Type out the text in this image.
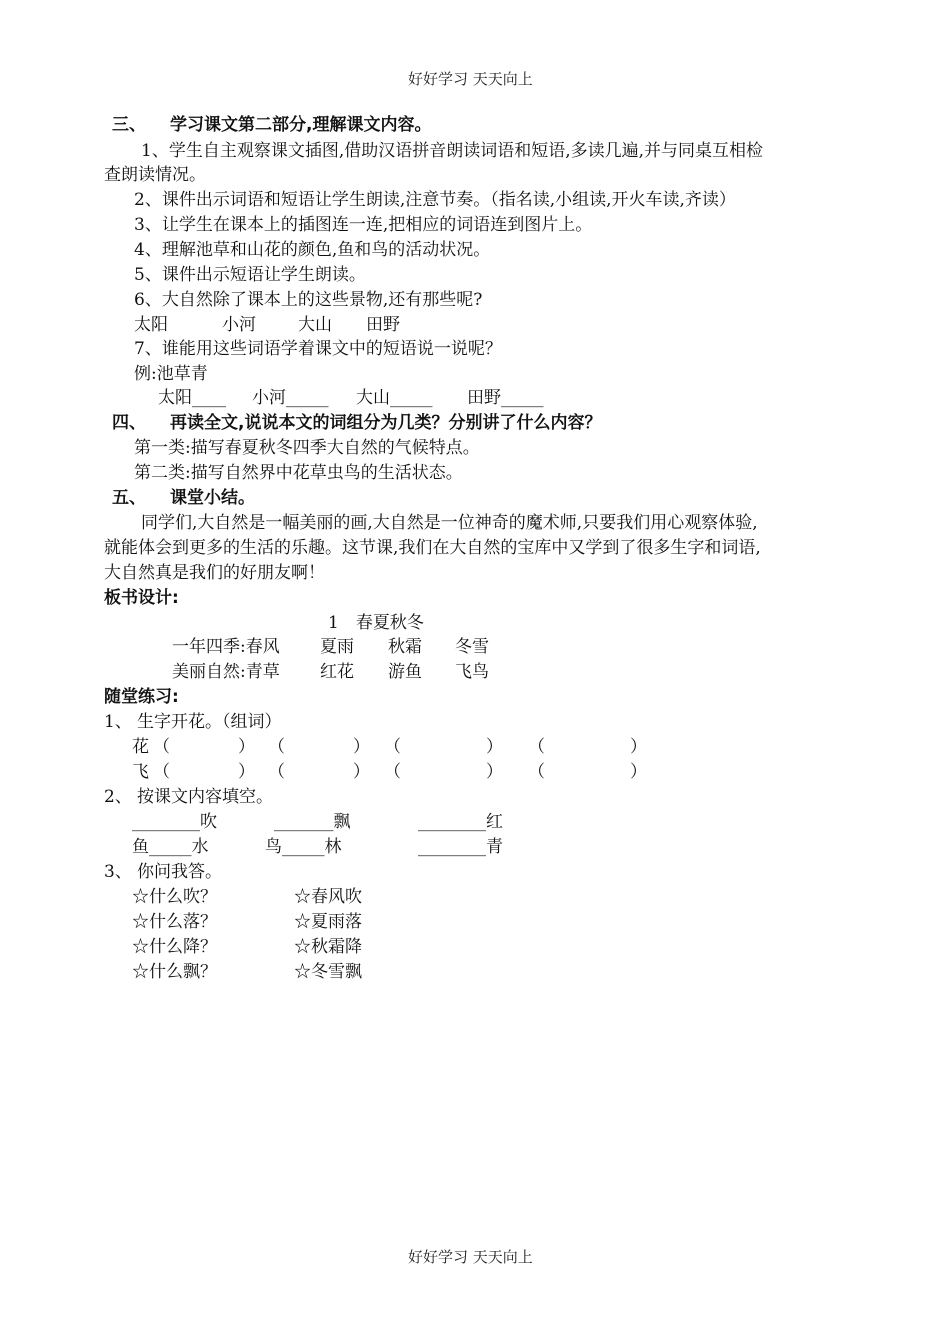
好好学习 天天向上
三、 学习课文第二部分,理解课文内容。
1、学生自主观察课文插图,借助汉语拼音朗读词语和短语,多读几遍,并与同桌互相检
查朗读情况。
2、课件出示词语和短语让学生朗读,注意节奏。（指名读,小组读,开火车读,齐读）
3、让学生在课本上的插图连一连,把相应的词语连到图片上。
4、理解池草和山花的颜色,鱼和鸟的活动状况。
5、课件出示短语让学生朗读。
6、大自然除了课本上的这些景物,还有那些呢?
太阳	小河 大山 田野
7、谁能用这些词语学着课文中的短语说一说呢？
例:池草青
太阳____ 小河_____ 大山_____ 田野_____
四、 再读全文,说说本文的词组分为几类？分别讲了什么内容？
第一类:描写春夏秋冬四季大自然的气候特点。
第二类:描写自然界中花草虫鸟的生活状态。
五、 课堂小结。
同学们,大自然是一幅美丽的画,大自然是一位神奇的魔术师,只要我们用心观察体验,
就能体会到更多的生活的乐趣。这节课,我们在大自然的宝库中又学到了很多生字和词语,
大自然真是我们的好朋友啊！
板书设计:
1　春夏秋冬
一年四季:春风 夏雨 秋霜 冬雪
美丽自然:青草 红花 游鱼 飞鸟
随堂练习:
1、 生字开花。（组词）
花 （　　　　） （　　　　） （　　　　　） （　　　　　）
飞 （　　　　） （　　　　） （　　　　　） （　　　　　）
2、 按课文内容填空。
________吹	_______飘	________红
鱼_____水	鸟_____林	________青
3、 你问我答。
☆什么吹？	☆春风吹
☆什么落？	☆夏雨落
☆什么降？	☆秋霜降
☆什么飘？	☆冬雪飘
好好学习 天天向上
